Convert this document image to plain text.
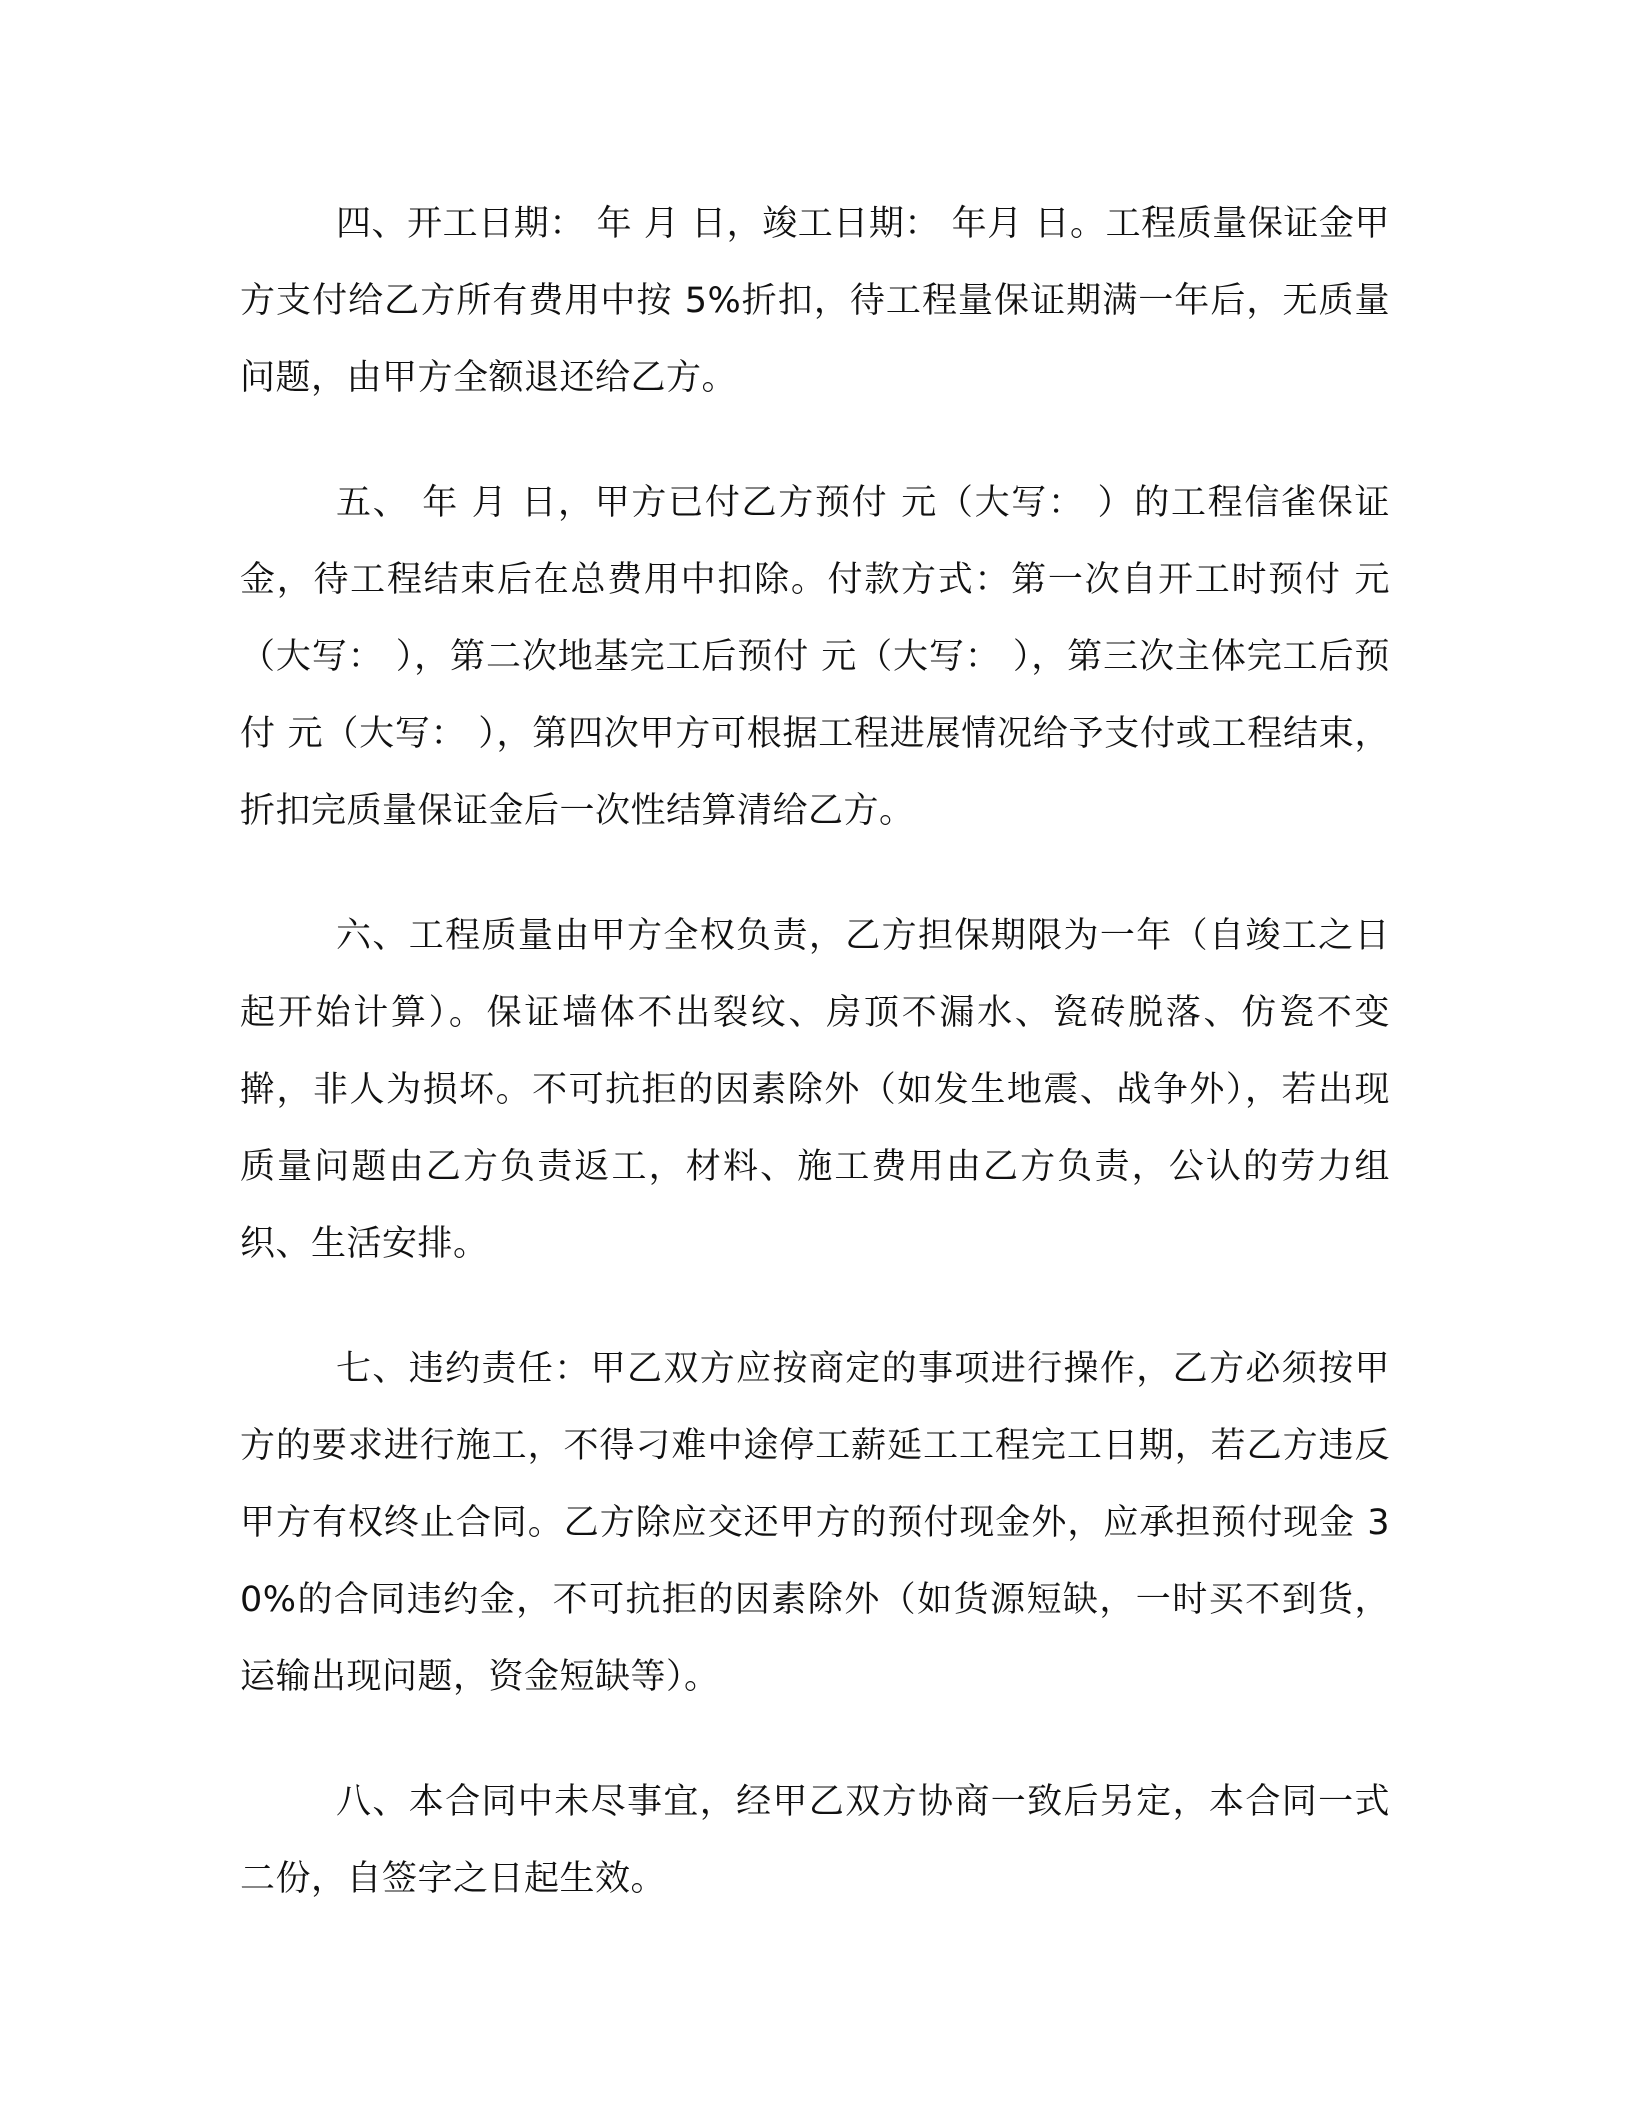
四、开工日期： 年 月 日，竣工日期： 年月 日。工程质量保证金甲方支付给乙方所有费用中按 5%折扣，待工程量保证期满一年后，无质量问题，由甲方全额退还给乙方。

五、 年 月 日，甲方已付乙方预付 元（大写： ）的工程信雀保证金，待工程结束后在总费用中扣除。付款方式：第一次自开工时预付 元（大写： ），第二次地基完工后预付 元（大写： ），第三次主体完工后预付 元（大写： ），第四次甲方可根据工程进展情况给予支付或工程结束，折扣完质量保证金后一次性结算清给乙方。

六、工程质量由甲方全权负责，乙方担保期限为一年（自竣工之日起开始计算）。保证墙体不出裂纹、房顶不漏水、瓷砖脱落、仿瓷不变擀，非人为损坏。不可抗拒的因素除外（如发生地震、战争外），若出现质量问题由乙方负责返工，材料、施工费用由乙方负责，公认的劳力组织、生活安排。

七、违约责任：甲乙双方应按商定的事项进行操作，乙方必须按甲方的要求进行施工，不得刁难中途停工薪延工工程完工日期，若乙方违反甲方有权终止合同。乙方除应交还甲方的预付现金外，应承担预付现金 30%的合同违约金，不可抗拒的因素除外（如货源短缺，一时买不到货，运输出现问题，资金短缺等）。

八、本合同中未尽事宜，经甲乙双方协商一致后另定，本合同一式二份，自签字之日起生效。
